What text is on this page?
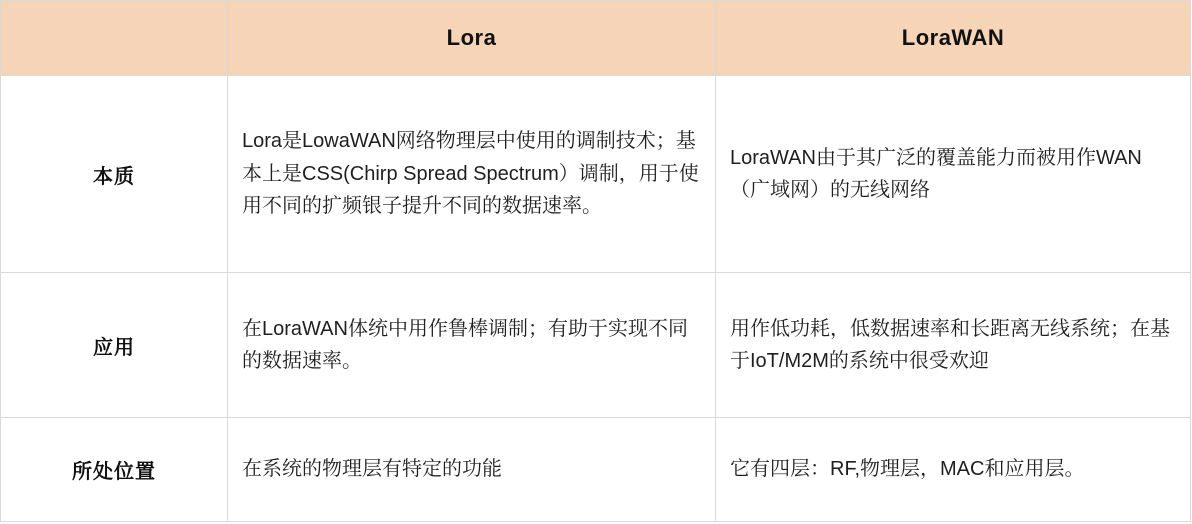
	Lora	LoraWAN
本质	Lora是LowaWAN网络物理层中使用的调制技术；基本上是CSS(Chirp Spread Spectrum）调制，用于使用不同的扩频银子提升不同的数据速率。	LoraWAN由于其广泛的覆盖能力而被用作WAN（广域网）的无线网络
应用	在LoraWAN体统中用作鲁棒调制；有助于实现不同的数据速率。	用作低功耗，低数据速率和长距离无线系统；在基于IoT/M2M的系统中很受欢迎
所处位置	在系统的物理层有特定的功能	它有四层：RF,物理层，MAC和应用层。
